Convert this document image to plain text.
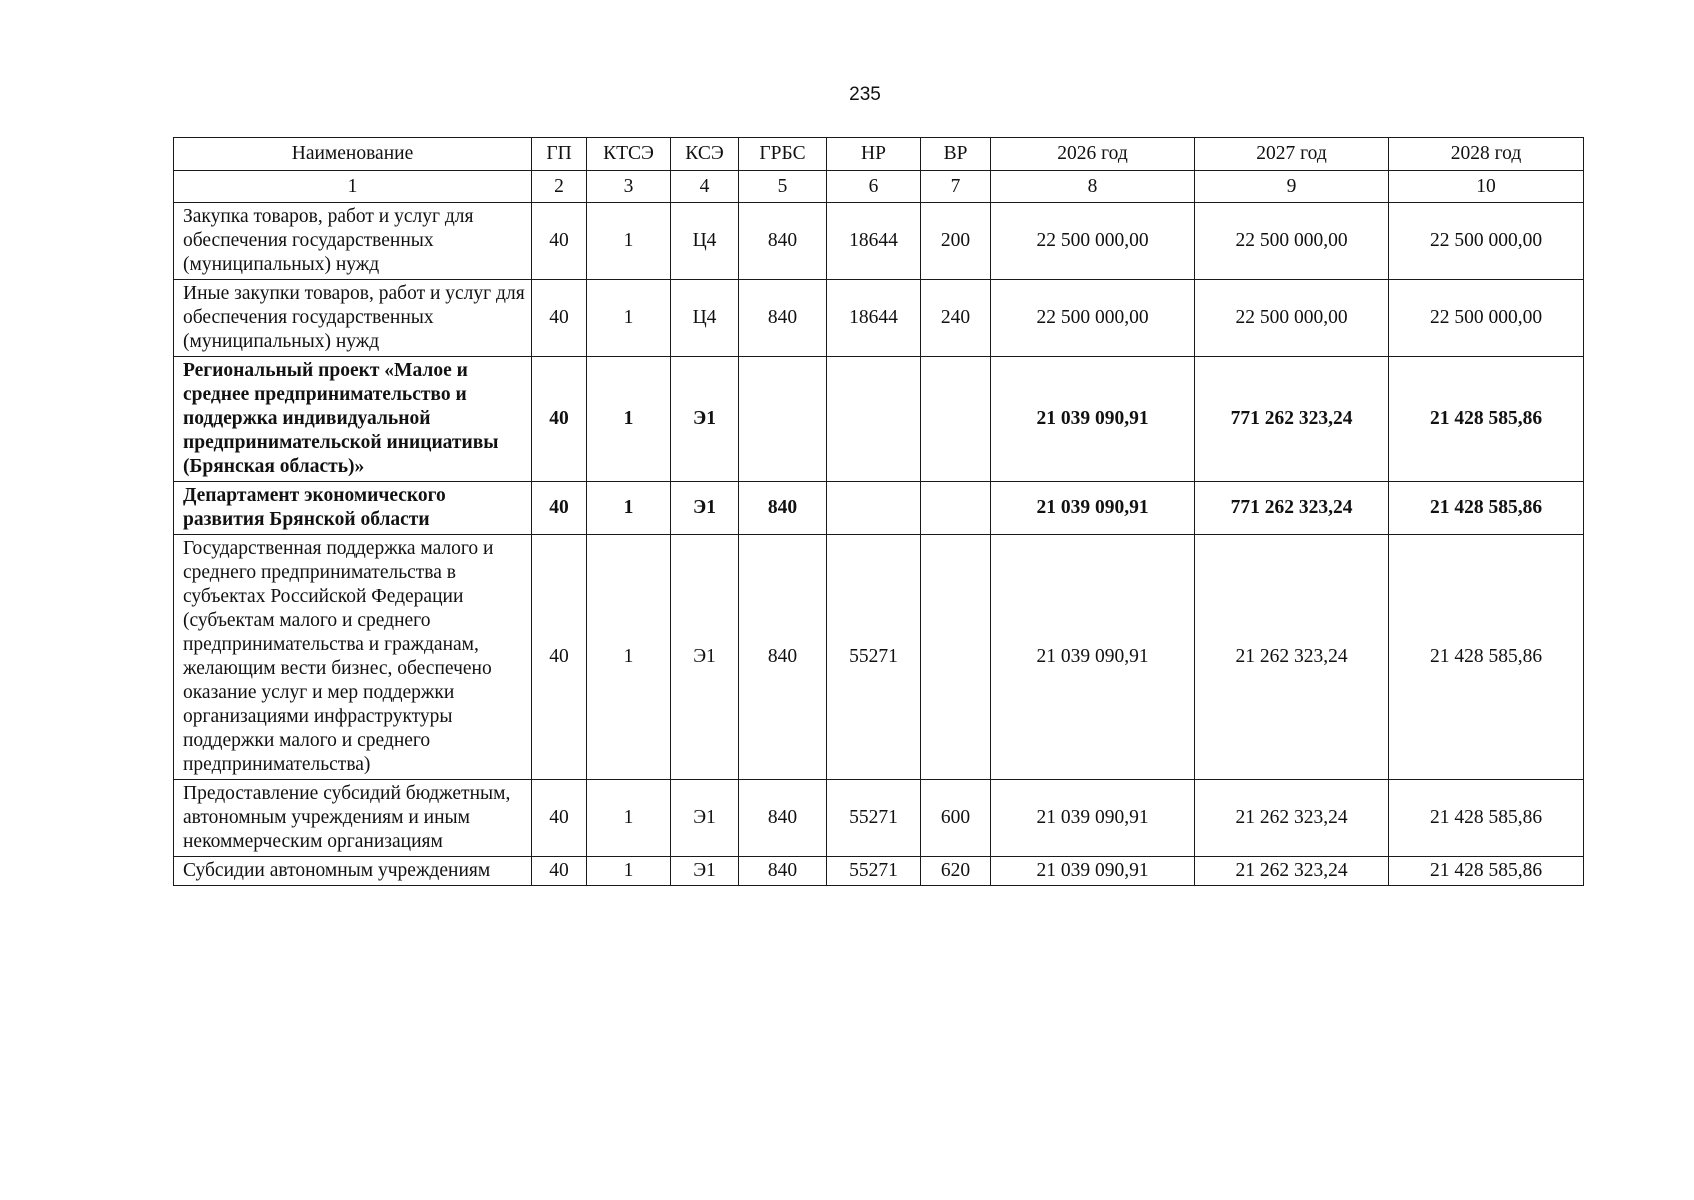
235
Наименование	ГП	КТСЭ	КСЭ	ГРБС	НР	ВР	2026 год	2027 год	2028 год
1	2	3	4	5	6	7	8	9	10
Закупка товаров, работ и услуг для обеспечения государственных (муниципальных) нужд	40	1	Ц4	840	18644	200	22 500 000,00	22 500 000,00	22 500 000,00
Иные закупки товаров, работ и услуг для обеспечения государственных (муниципальных) нужд	40	1	Ц4	840	18644	240	22 500 000,00	22 500 000,00	22 500 000,00
Региональный проект «Малое и среднее предпринимательство и поддержка индивидуальной предпринимательской инициативы (Брянская область)»	40	1	Э1				21 039 090,91	771 262 323,24	21 428 585,86
Департамент экономического развития Брянской области	40	1	Э1	840			21 039 090,91	771 262 323,24	21 428 585,86
Государственная поддержка малого и среднего предпринимательства в субъектах Российской Федерации (субъектам малого и среднего предпринимательства и гражданам, желающим вести бизнес, обеспечено оказание услуг и мер поддержки организациями инфраструктуры поддержки малого и среднего предпринимательства)	40	1	Э1	840	55271		21 039 090,91	21 262 323,24	21 428 585,86
Предоставление субсидий бюджетным, автономным учреждениям и иным некоммерческим организациям	40	1	Э1	840	55271	600	21 039 090,91	21 262 323,24	21 428 585,86
Субсидии автономным учреждениям	40	1	Э1	840	55271	620	21 039 090,91	21 262 323,24	21 428 585,86
